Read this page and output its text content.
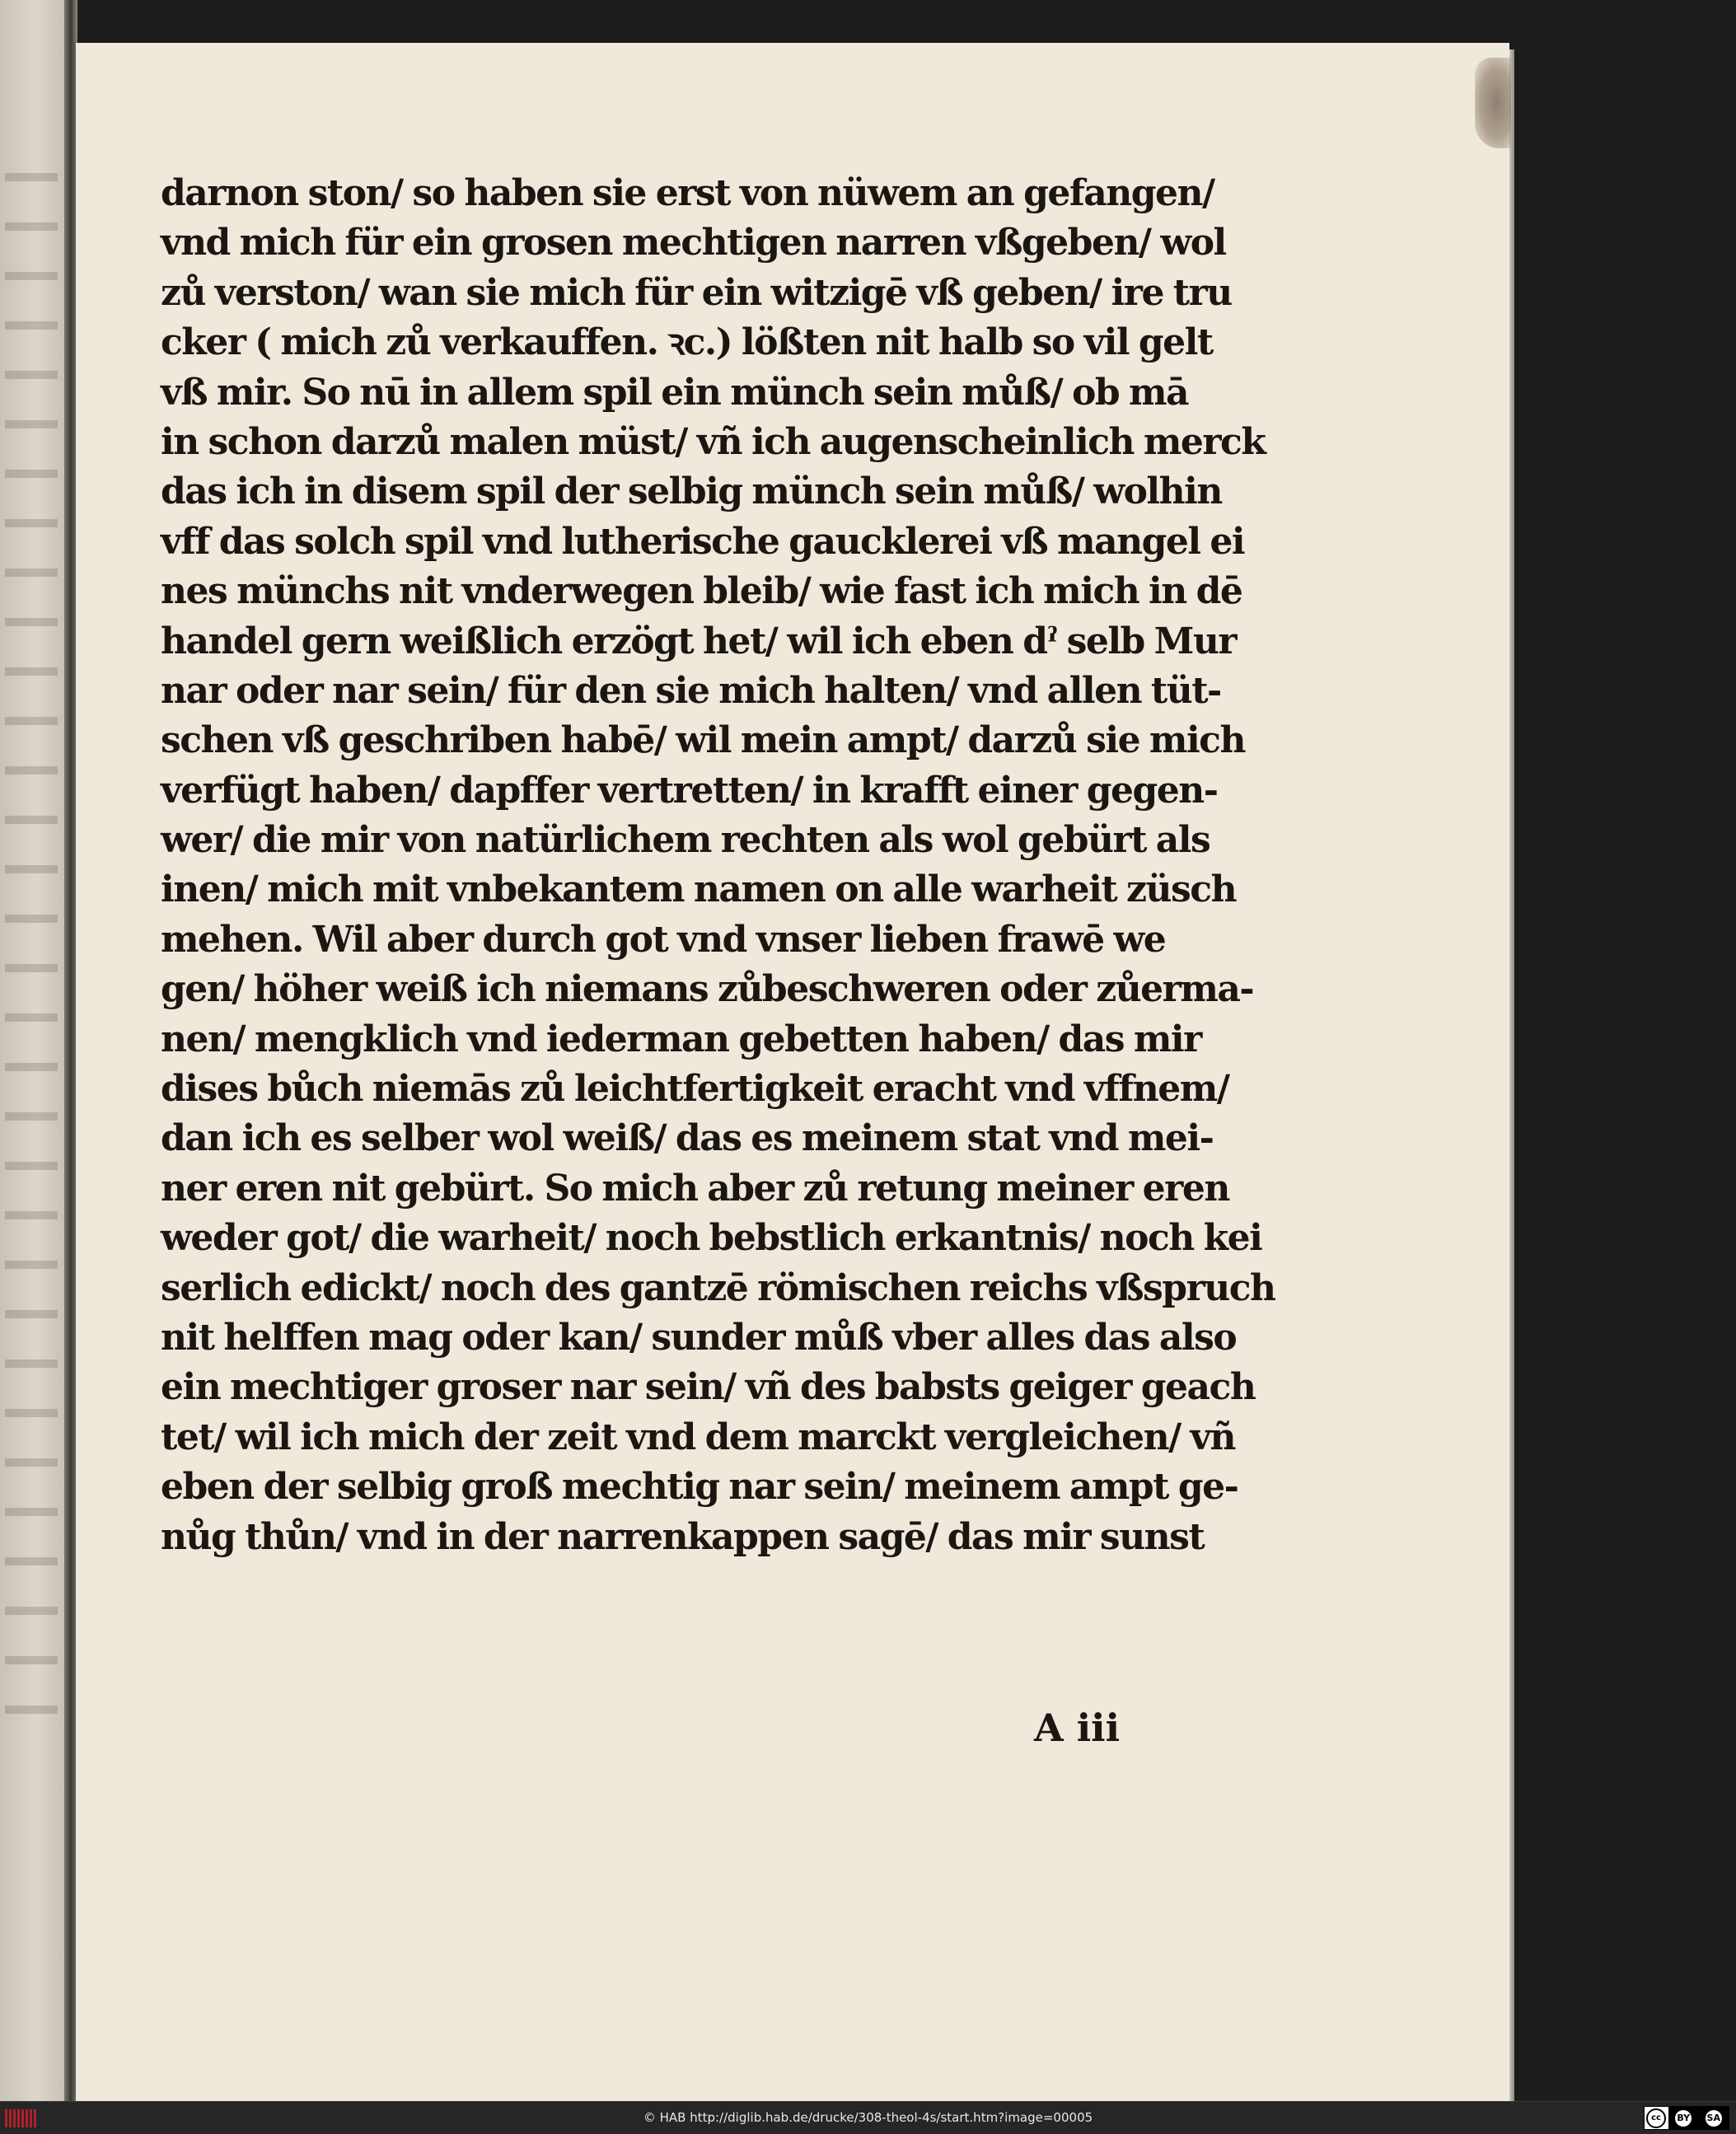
darnon ston/ so haben sie erst von nüwem an gefangen/
vnd mich für ein grosen mechtigen narren vßgeben/ wol
zů verston/ wan sie mich für ein witzigē vß geben/ ire tru
cker ( mich zů verkauffen. ꝛc.) lößten nit halb so vil gelt
vß mir. So nū in allem spil ein münch sein můß/ ob mā
in schon darzů malen müst/ vñ ich augenscheinlich merck
das ich in disem spil der selbig münch sein můß/ wolhin
vff das solch spil vnd lutherische gaucklerei vß mangel ei
nes münchs nit vnderwegen bleib/ wie fast ich mich in dē
handel gern weißlich erzögt het/ wil ich eben dˀ selb Mur
nar oder nar sein/ für den sie mich halten/ vnd allen tüt-
schen vß geschriben habē/ wil mein ampt/ darzů sie mich
verfügt haben/ dapffer vertretten/ in krafft einer gegen-
wer/ die mir von natürlichem rechten als wol gebürt als
inen/ mich mit vnbekantem namen on alle warheit züsch
mehen. Wil aber durch got vnd vnser lieben frawē we
gen/ höher weiß ich niemans zůbeschweren oder zůerma-
nen/ mengklich vnd iederman gebetten haben/ das mir
dises bůch niemās zů leichtfertigkeit eracht vnd vffnem/
dan ich es selber wol weiß/ das es meinem stat vnd mei-
ner eren nit gebürt. So mich aber zů retung meiner eren
weder got/ die warheit/ noch bebstlich erkantnis/ noch kei
serlich edickt/ noch des gantzē römischen reichs vßspruch
nit helffen mag oder kan/ sunder můß vber alles das also
ein mechtiger groser nar sein/ vñ des babsts geiger geach
tet/ wil ich mich der zeit vnd dem marckt vergleichen/ vñ
eben der selbig groß mechtig nar sein/ meinem ampt ge-
nůg thůn/ vnd in der narrenkappen sagē/ das mir sunst
A iii
© HAB http://diglib.hab.de/drucke/308-theol-4s/start.htm?image=00005	cc	BY SA
